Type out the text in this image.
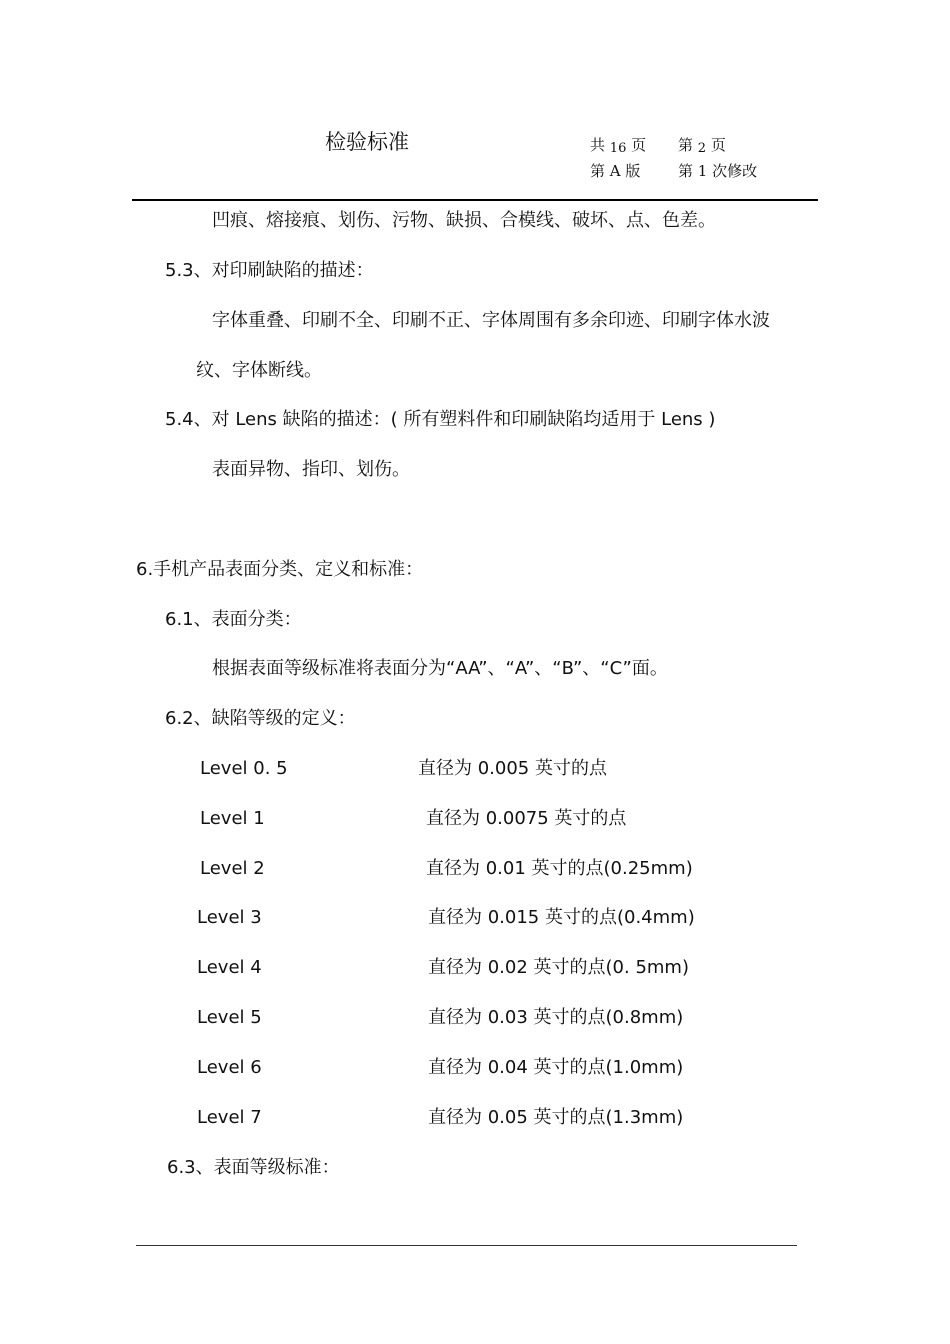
检验标准	共 16 页 第 2 页
第 A 版	第 1 次修改
凹痕、熔接痕、划伤、污物、缺损、合模线、破坏、点、色差。
5.3、对印刷缺陷的描述：
字体重叠、印刷不全、印刷不正、字体周围有多余印迹、印刷字体水波
纹、字体断线。
5.4、对 Lens 缺陷的描述：( 所有塑料件和印刷缺陷均适用于 Lens )
表面异物、指印、划伤。
6.手机产品表面分类、定义和标准：
6.1、表面分类：
根据表面等级标准将表面分为“AA”、“A”、“B”、“C”面。
6.2、缺陷等级的定义：
Level 0. 5	直径为 0.005 英寸的点
Level 1	直径为 0.0075 英寸的点
Level 2	直径为 0.01 英寸的点(0.25mm)
Level 3	直径为 0.015 英寸的点(0.4mm)
Level 4	直径为 0.02 英寸的点(0. 5mm)
Level 5	直径为 0.03 英寸的点(0.8mm)
Level 6	直径为 0.04 英寸的点(1.0mm)
Level 7	直径为 0.05 英寸的点(1.3mm)
6.3、表面等级标准：
